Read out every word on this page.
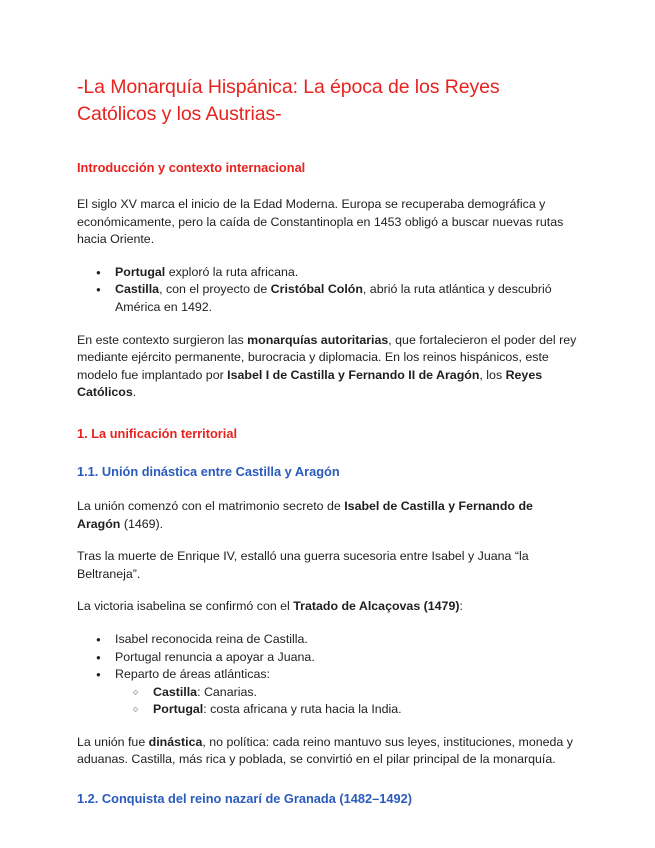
-La Monarquía Hispánica: La época de los Reyes Católicos y los Austrias-
Introducción y contexto internacional

El siglo XV marca el inicio de la Edad Moderna. Europa se recuperaba demográfica y económicamente, pero la caída de Constantinopla en 1453 obligó a buscar nuevas rutas hacia Oriente.

● Portugal exploró la ruta africana.
● Castilla, con el proyecto de Cristóbal Colón, abrió la ruta atlántica y descubrió América en 1492.

En este contexto surgieron las monarquías autoritarias, que fortalecieron el poder del rey mediante ejército permanente, burocracia y diplomacia. En los reinos hispánicos, este modelo fue implantado por Isabel I de Castilla y Fernando II de Aragón, los Reyes Católicos.

1. La unificación territorial
1.1. Unión dinástica entre Castilla y Aragón

La unión comenzó con el matrimonio secreto de Isabel de Castilla y Fernando de Aragón (1469).

Tras la muerte de Enrique IV, estalló una guerra sucesoria entre Isabel y Juana “la Beltraneja”.

La victoria isabelina se confirmó con el Tratado de Alcaçovas (1479):

● Isabel reconocida reina de Castilla.
● Portugal renuncia a apoyar a Juana.
● Reparto de áreas atlánticas:
○ Castilla: Canarias.
○ Portugal: costa africana y ruta hacia la India.

La unión fue dinástica, no política: cada reino mantuvo sus leyes, instituciones, moneda y aduanas. Castilla, más rica y poblada, se convirtió en el pilar principal de la monarquía.

1.2. Conquista del reino nazarí de Granada (1482–1492)
